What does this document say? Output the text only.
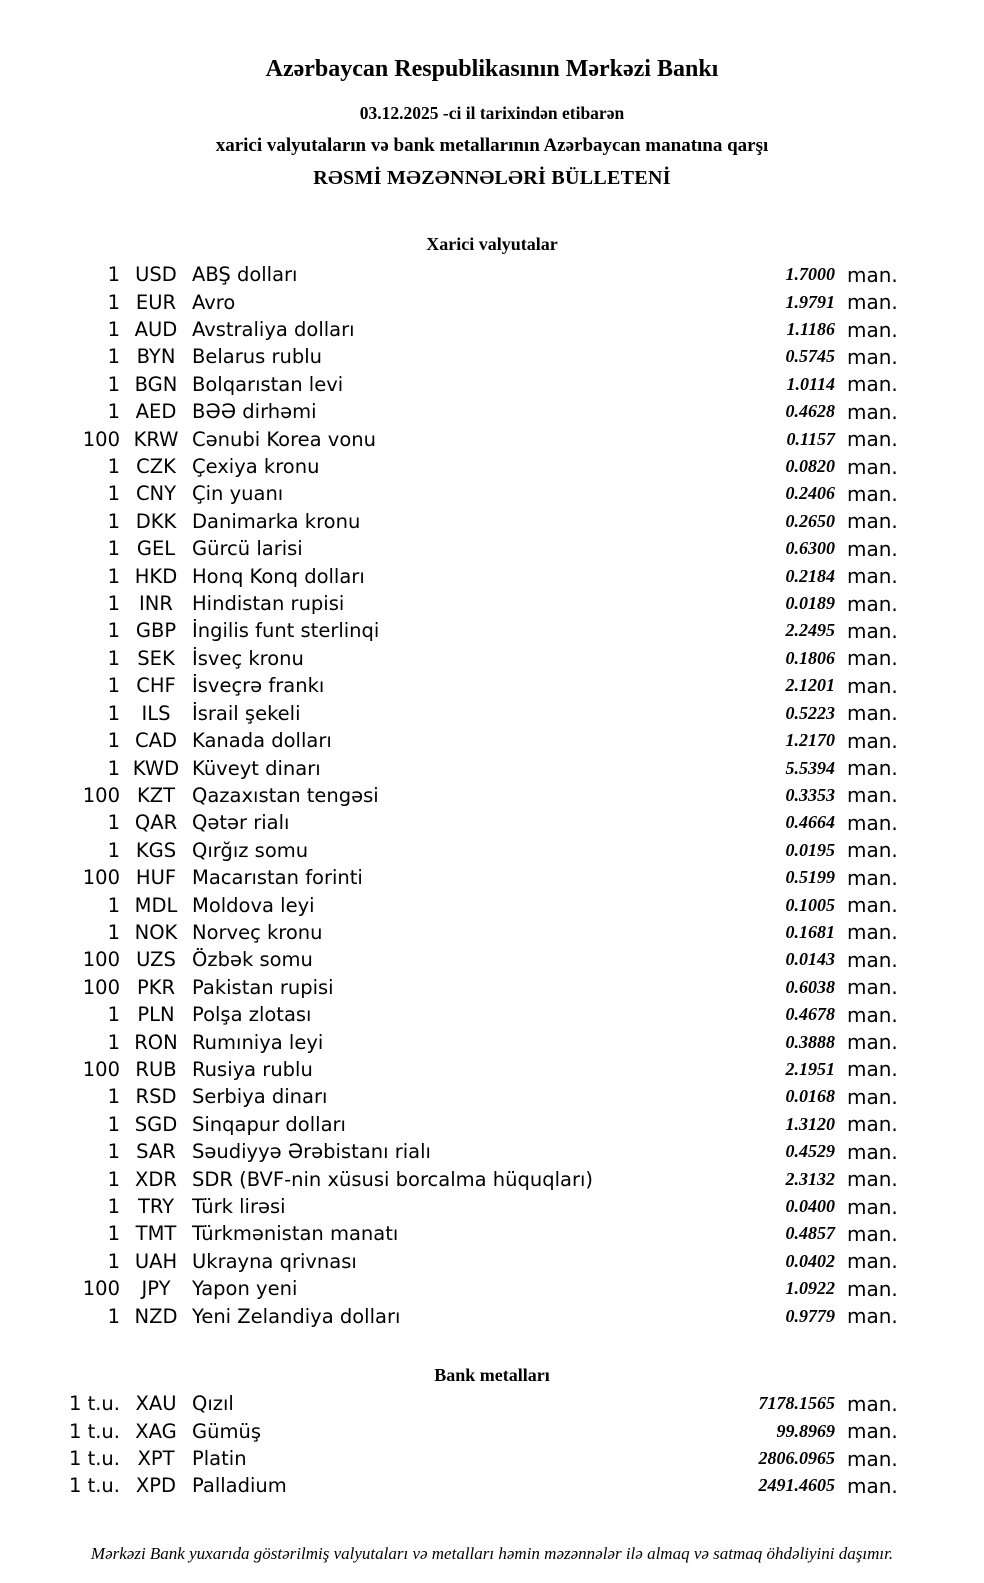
Azərbaycan Respublikasının Mərkəzi Bankı
03.12.2025 -ci il tarixindən etibarən
xarici valyutaların və bank metallarının Azərbaycan manatına qarşı
RƏSMİ MƏZƏNNƏLƏRİ BÜLLETENİ
Xarici valyutalar
1 USD ABŞ dolları	1.7000 man.
1 EUR Avro	1.9791 man.
1 AUD Avstraliya dolları	1.1186 man.
1 BYN Belarus rublu	0.5745 man.
1 BGN Bolqarıstan levi	1.0114 man.
1 AED BƏƏ dirhəmi	0.4628 man.
100 KRW Cənubi Korea vonu	0.1157 man.
1 CZK Çexiya kronu	0.0820 man.
1 CNY Çin yuanı	0.2406 man.
1 DKK Danimarka kronu	0.2650 man.
1 GEL Gürcü larisi	0.6300 man.
1 HKD Honq Konq dolları	0.2184 man.
1 INR Hindistan rupisi	0.0189 man.
1 GBP İngilis funt sterlinqi	2.2495 man.
1 SEK İsveç kronu	0.1806 man.
1 CHF İsveçrə frankı	2.1201 man.
1	ILS	İsrail şekeli	0.5223 man.
1 CAD Kanada dolları	1.2170 man.
1 KWD Küveyt dinarı	5.5394 man.
100 KZT Qazaxıstan tengəsi	0.3353 man.
1 QAR Qətər rialı	0.4664 man.
1 KGS Qırğız somu	0.0195 man.
100 HUF Macarıstan forinti	0.5199 man.
1 MDL Moldova leyi	0.1005 man.
1 NOK Norveç kronu	0.1681 man.
100 UZS Özbək somu	0.0143 man.
100 PKR Pakistan rupisi	0.6038 man.
1 PLN Polşa zlotası	0.4678 man.
1 RON Rumıniya leyi	0.3888 man.
100 RUB Rusiya rublu	2.1951 man.
1 RSD Serbiya dinarı	0.0168 man.
1 SGD Sinqapur dolları	1.3120 man.
1 SAR Səudiyyə Ərəbistanı rialı	0.4529 man.
1 XDR SDR (BVF-nin xüsusi borcalma hüquqları)	2.3132 man.
1 TRY Türk lirəsi	0.0400 man.
1 TMT Türkmənistan manatı	0.4857 man.
1 UAH Ukrayna qrivnası	0.0402 man.
100	JPY	Yapon yeni	1.0922 man.
1 NZD Yeni Zelandiya dolları	0.9779 man.
Bank metalları
1 t.u. XAU Qızıl	7178.1565 man.
1 t.u. XAG Gümüş	99.8969 man.
1 t.u. XPT Platin	2806.0965 man.
1 t.u. XPD Palladium	2491.4605 man.
Mərkəzi Bank yuxarıda göstərilmiş valyutaları və metalları həmin məzənnələr ilə almaq və satmaq öhdəliyini daşımır.
